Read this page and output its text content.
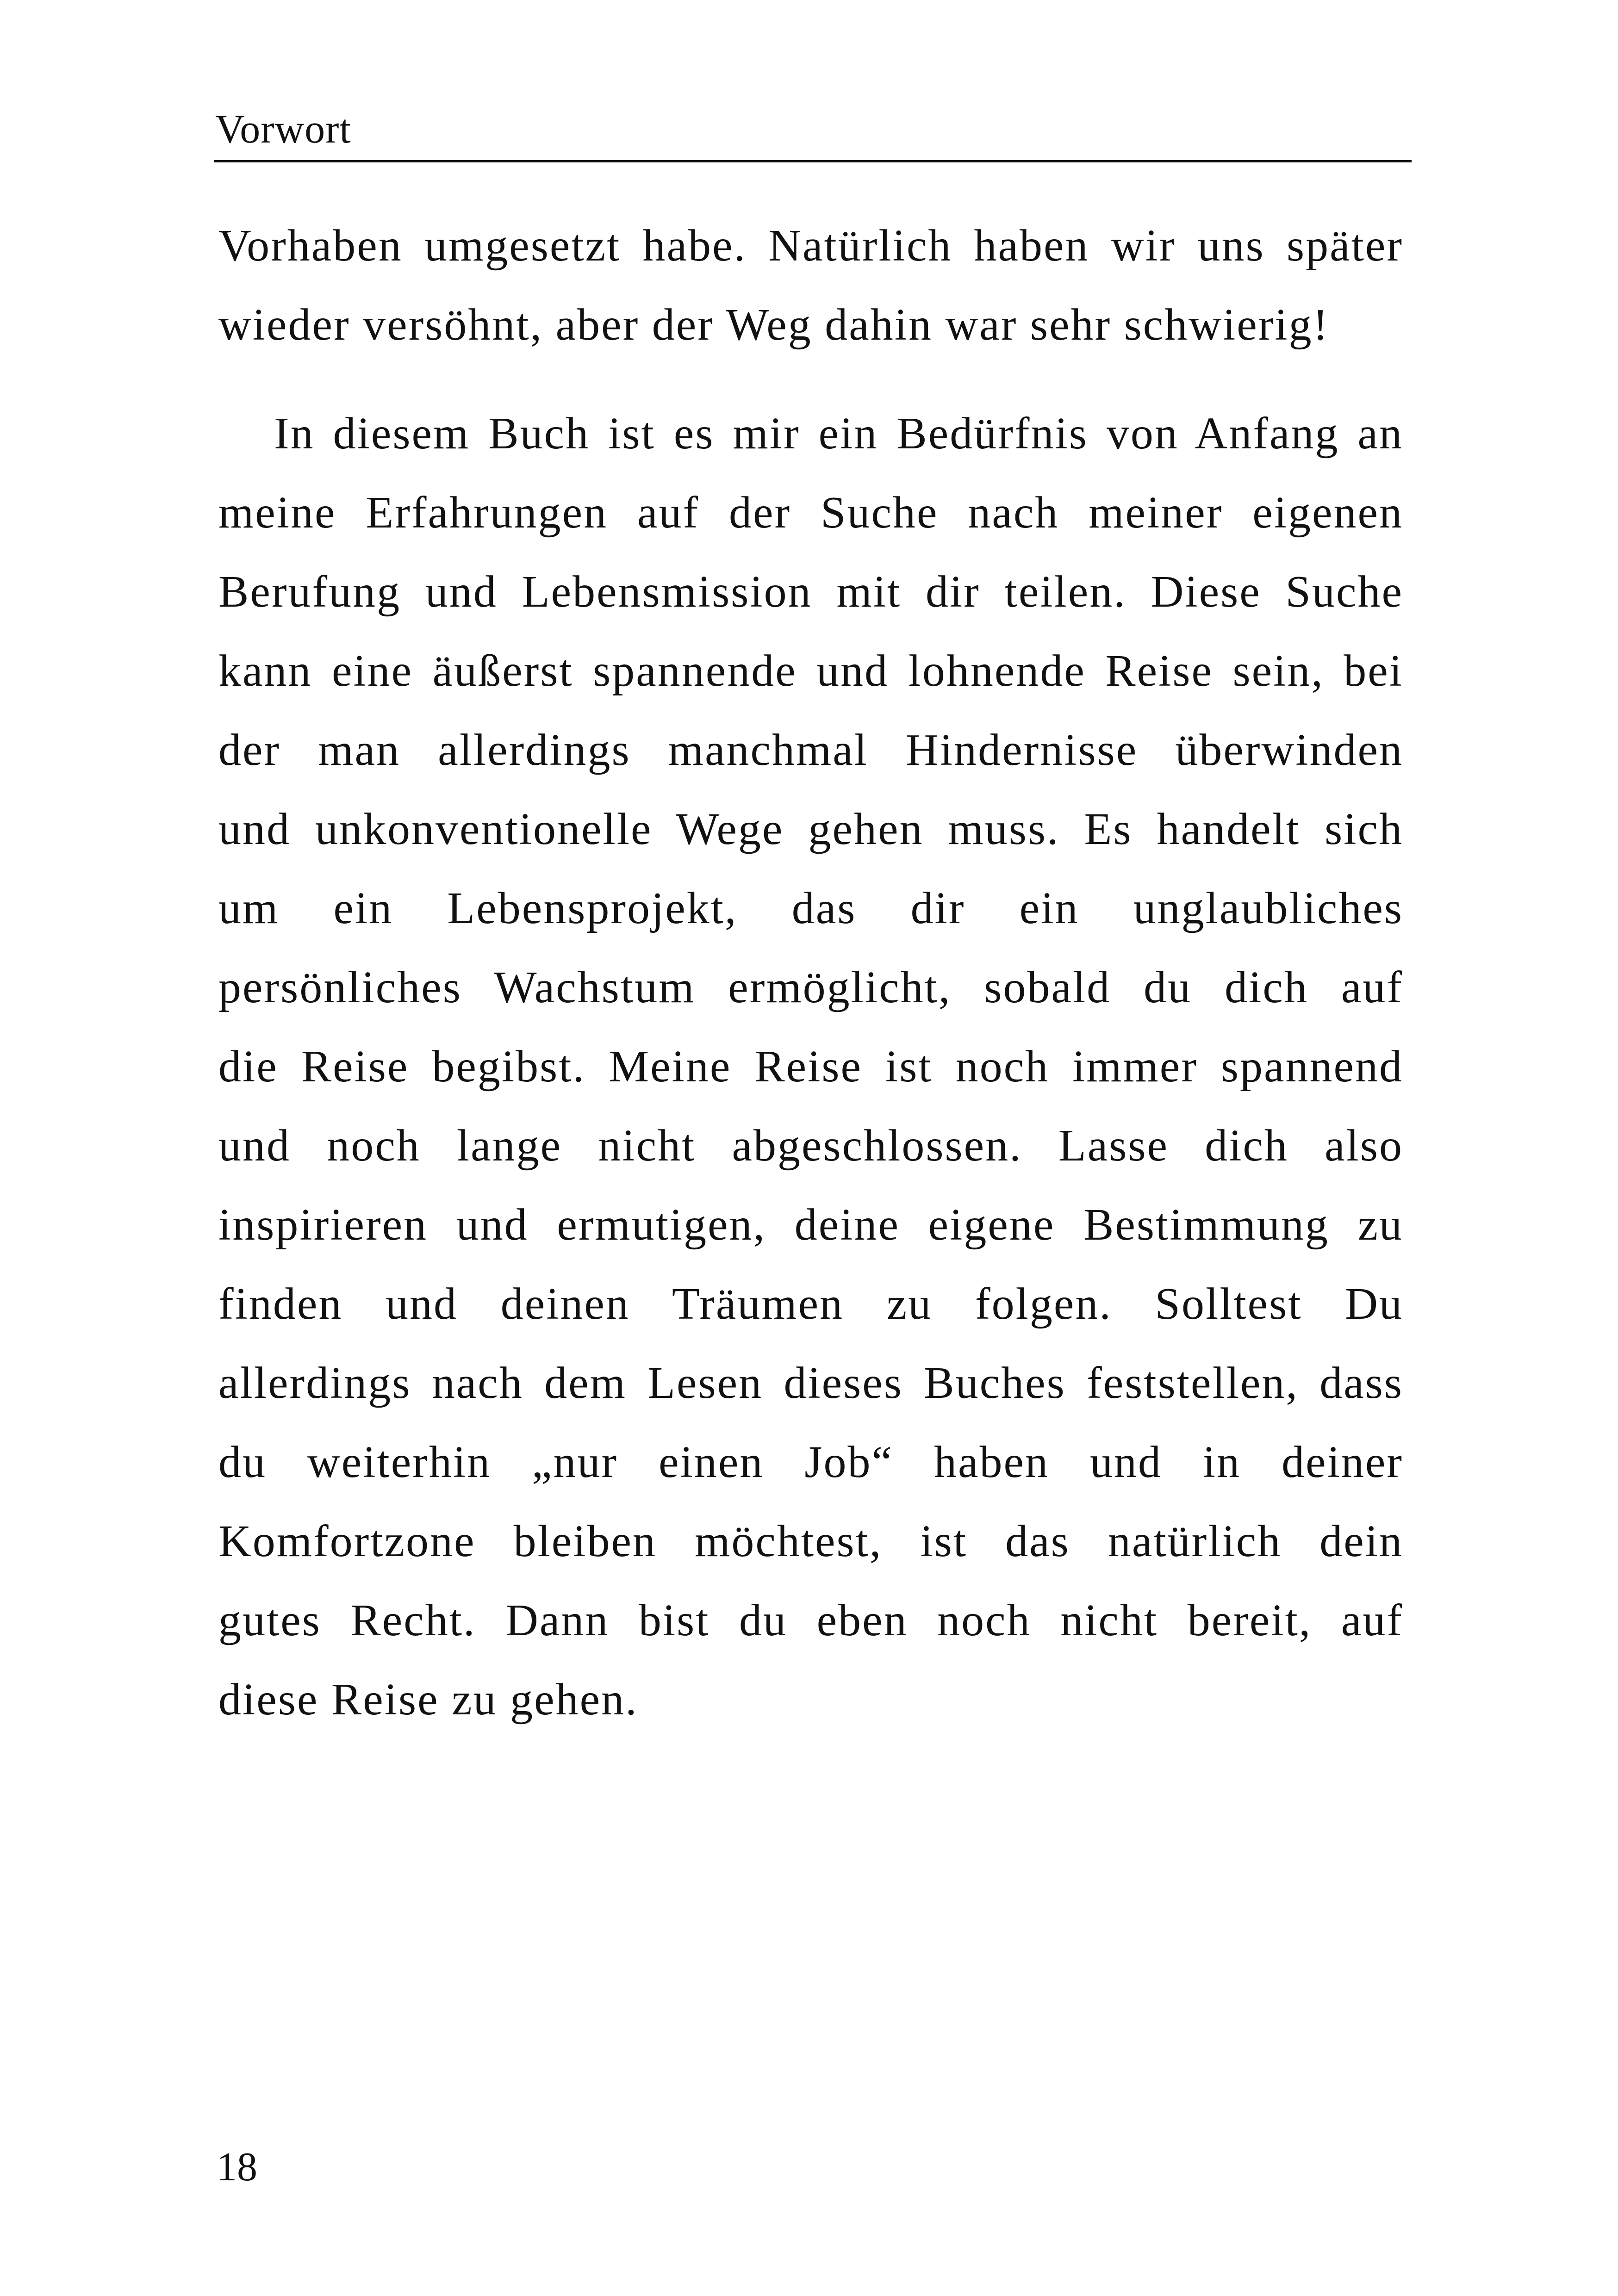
Vorwort
Vorhaben umgesetzt habe. Natürlich haben wir uns später
wieder versöhnt, aber der Weg dahin war sehr schwierig!
In diesem Buch ist es mir ein Bedürfnis von Anfang an
meine Erfahrungen auf der Suche nach meiner eigenen
Berufung und Lebensmission mit dir teilen. Diese Suche
kann eine äußerst spannende und lohnende Reise sein, bei
der man allerdings manchmal Hindernisse überwinden
und unkonventionelle Wege gehen muss. Es handelt sich
um ein Lebensprojekt, das dir ein unglaubliches
persönliches Wachstum ermöglicht, sobald du dich auf
die Reise begibst. Meine Reise ist noch immer spannend
und noch lange nicht abgeschlossen. Lasse dich also
inspirieren und ermutigen, deine eigene Bestimmung zu
finden und deinen Träumen zu folgen. Solltest Du
allerdings nach dem Lesen dieses Buches feststellen, dass
du weiterhin „nur einen Job“ haben und in deiner
Komfortzone bleiben möchtest, ist das natürlich dein
gutes Recht. Dann bist du eben noch nicht bereit, auf
diese Reise zu gehen.
18
